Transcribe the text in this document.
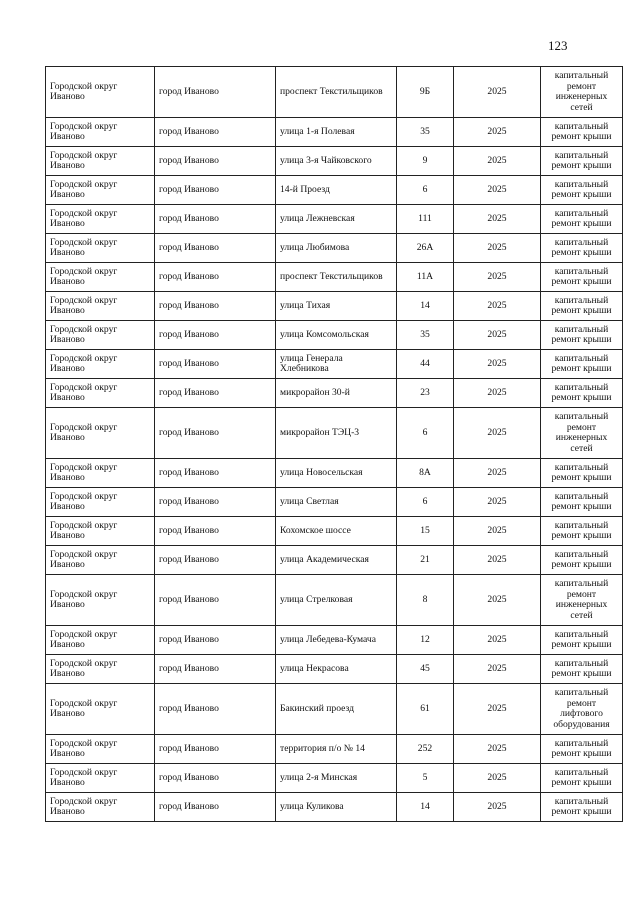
123
Городской округ Иваново	город Иваново	проспект Текстильщиков	9Б	2025	капитальный ремонт инженерных сетей
Городской округ Иваново	город Иваново	улица 1-я Полевая	35	2025	капитальный ремонт крыши
Городской округ Иваново	город Иваново	улица 3-я Чайковского	9	2025	капитальный ремонт крыши
Городской округ Иваново	город Иваново	14-й Проезд	6	2025	капитальный ремонт крыши
Городской округ Иваново	город Иваново	улица Лежневская	111	2025	капитальный ремонт крыши
Городской округ Иваново	город Иваново	улица Любимова	26А	2025	капитальный ремонт крыши
Городской округ Иваново	город Иваново	проспект Текстильщиков	11А	2025	капитальный ремонт крыши
Городской округ Иваново	город Иваново	улица Тихая	14	2025	капитальный ремонт крыши
Городской округ Иваново	город Иваново	улица Комсомольская	35	2025	капитальный ремонт крыши
Городской округ Иваново	город Иваново	улица Генерала Хлебникова	44	2025	капитальный ремонт крыши
Городской округ Иваново	город Иваново	микрорайон 30-й	23	2025	капитальный ремонт крыши
Городской округ Иваново	город Иваново	микрорайон ТЭЦ-3	6	2025	капитальный ремонт инженерных сетей
Городской округ Иваново	город Иваново	улица Новосельская	8А	2025	капитальный ремонт крыши
Городской округ Иваново	город Иваново	улица Светлая	6	2025	капитальный ремонт крыши
Городской округ Иваново	город Иваново	Кохомское шоссе	15	2025	капитальный ремонт крыши
Городской округ Иваново	город Иваново	улица Академическая	21	2025	капитальный ремонт крыши
Городской округ Иваново	город Иваново	улица Стрелковая	8	2025	капитальный ремонт инженерных сетей
Городской округ Иваново	город Иваново	улица Лебедева-Кумача	12	2025	капитальный ремонт крыши
Городской округ Иваново	город Иваново	улица Некрасова	45	2025	капитальный ремонт крыши
Городской округ Иваново	город Иваново	Бакинский проезд	61	2025	капитальный ремонт лифтового оборудования
Городской округ Иваново	город Иваново	территория п/о № 14	252	2025	капитальный ремонт крыши
Городской округ Иваново	город Иваново	улица 2-я Минская	5	2025	капитальный ремонт крыши
Городской округ Иваново	город Иваново	улица Куликова	14	2025	капитальный ремонт крыши
